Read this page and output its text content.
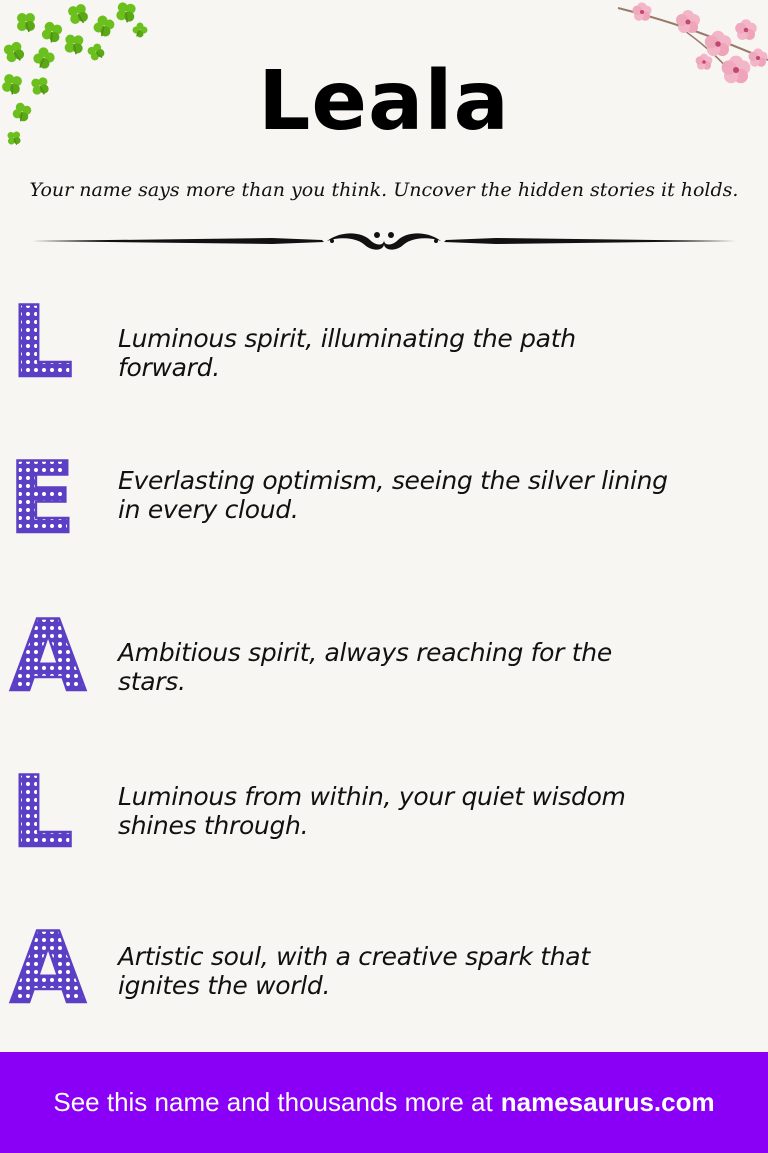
Leala
Your name says more than you think. Uncover the hidden stories it holds.
L Luminous spirit, illuminating the path forward.
E Everlasting optimism, seeing the silver lining in every cloud.
A Ambitious spirit, always reaching for the stars.
L Luminous from within, your quiet wisdom shines through.
A Artistic soul, with a creative spark that ignites the world.
See this name and thousands more at namesaurus.com
